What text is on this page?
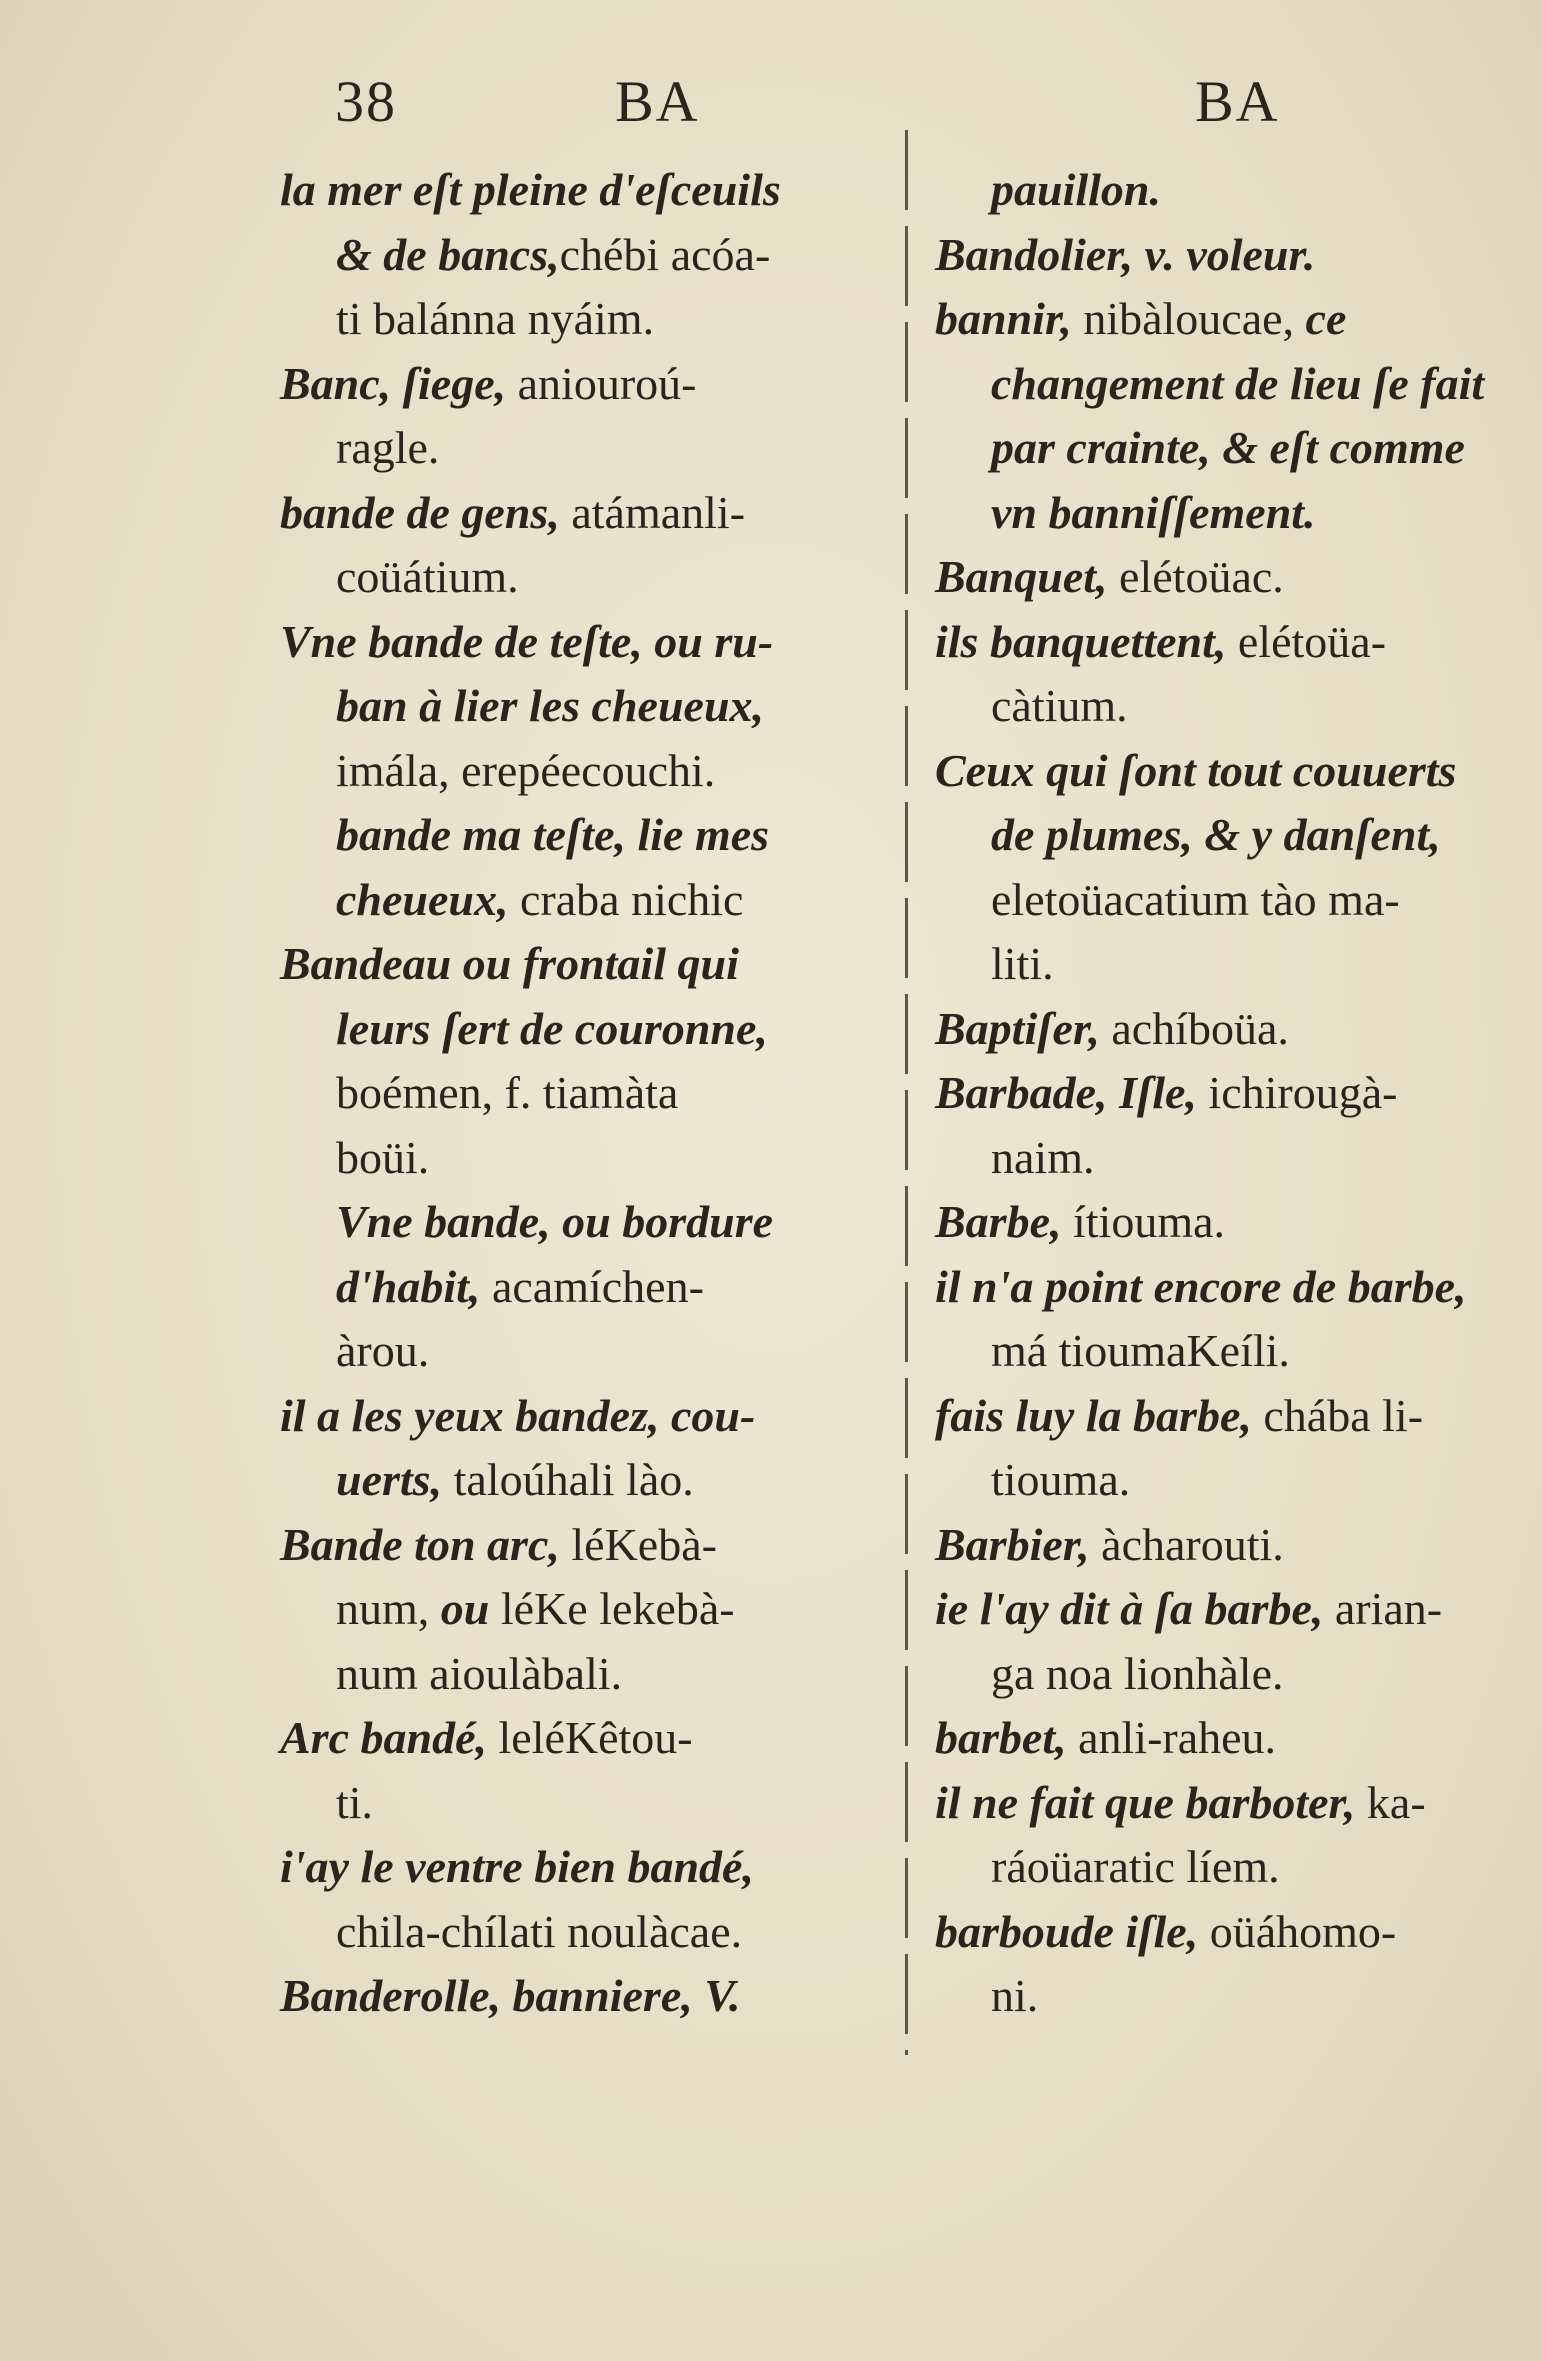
38	BA	BA
la mer eſt pleine d'eſceuils
& de bancs,chébi acóa-
ti balánna nyáim.
Banc, ſiege, aniouroú-
ragle.
bande de gens, atámanli-
coüátium.
Vne bande de teſte, ou ru-
ban à lier les cheueux,
imála, erepéecouchi.
bande ma teſte, lie mes
cheueux, craba nichic
Bandeau ou frontail qui
leurs ſert de couronne,
boémen, f. tiamàta
boüi.
Vne bande, ou bordure
d'habit, acamíchen-
àrou.
il a les yeux bandez, cou-
uerts, taloúhali lào.
Bande ton arc, léKebà-
num, ou léKe lekebà-
num aioulàbali.
Arc bandé, leléKêtou-
ti.
i'ay le ventre bien bandé,
chila-chílati noulàcae.
Banderolle, banniere, V.
pauillon.
Bandolier, v. voleur.
bannir, nibàloucae, ce
changement de lieu ſe fait
par crainte, & eſt comme
vn banniſſement.
Banquet, elétoüac.
ils banquettent, elétoüa-
càtium.
Ceux qui ſont tout couuerts
de plumes, & y danſent,
eletoüacatium tào ma-
liti.
Baptiſer, achíboüa.
Barbade, Iſle, ichirougà-
naim.
Barbe, ítiouma.
il n'a point encore de barbe,
má tioumaKeíli.
fais luy la barbe, chába li-
tiouma.
Barbier, àcharouti.
ie l'ay dit à ſa barbe, arian-
ga noa lionhàle.
barbet, anli-raheu.
il ne fait que barboter, ka-
ráoüaratic líem.
barboude iſle, oüáhomo-
ni.
